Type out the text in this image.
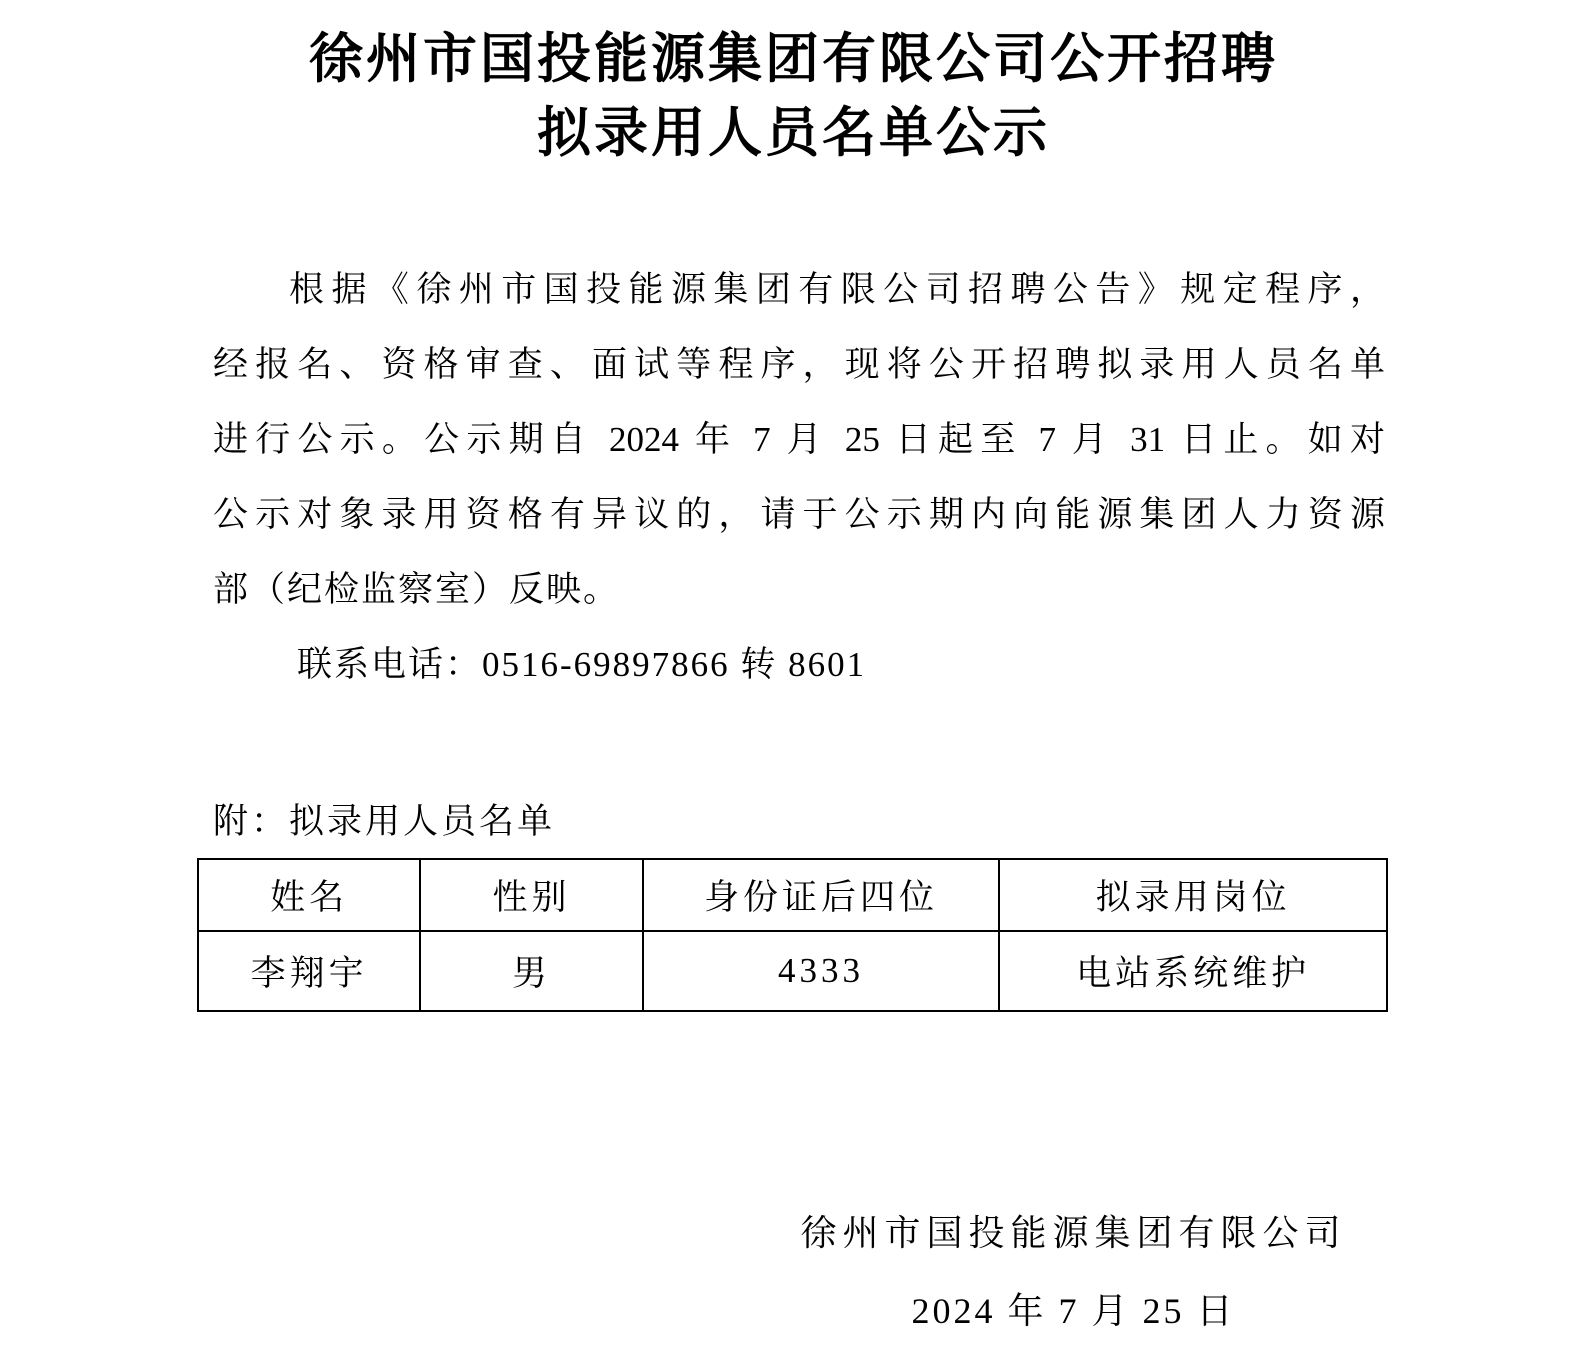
徐州市国投能源集团有限公司公开招聘
拟录用人员名单公示
根据《徐州市国投能源集团有限公司招聘公告》规定程序，
经报名、资格审查、面试等程序，现将公开招聘拟录用人员名单
进行公示。公示期自 2024 年 7 月 25 日起至 7 月 31 日止。如对
公示对象录用资格有异议的，请于公示期内向能源集团人力资源
部（纪检监察室）反映。
联系电话：0516-69897866 转 8601
附：拟录用人员名单
姓名	性别	身份证后四位	拟录用岗位
李翔宇	男	4333	电站系统维护
徐州市国投能源集团有限公司
2024 年 7 月 25 日
